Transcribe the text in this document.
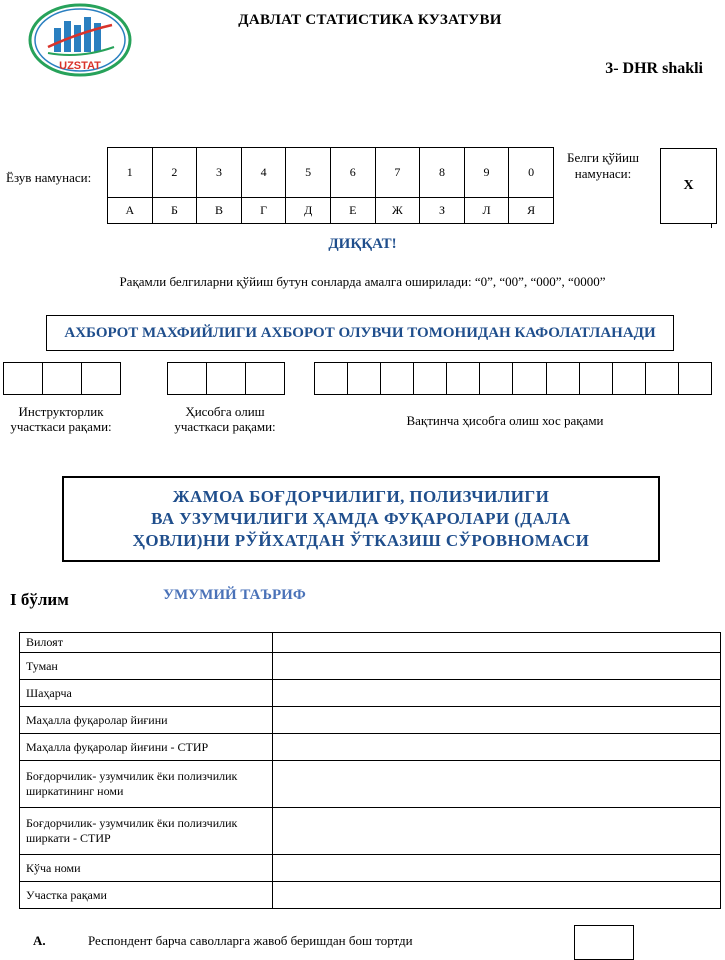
UZSTAT
ДАВЛАТ СТАТИСТИКА КУЗАТУВИ
3- DHR shakli
Ёзув намунаси:	1	2	3	4	5	6	7	8	9	0
А	Б	В	Г	Д	Е	Ж	З	Л	Я
Белги қўйиш намунаси:
X
ДИҚҚАТ!
Рақамли белгиларни қўйиш бутун сонларда амалга оширилади: “0”, “00”, “000”, “0000”
АХБОРОТ МАХФИЙЛИГИ АХБОРОТ ОЛУВЧИ ТОМОНИДАН КАФОЛАТЛАНАДИ
Инструкторлик участкаси рақами:
Ҳисобга олиш участкаси рақами:	Вақтинча ҳисобга олиш хос рақами
ЖАМОА БОҒДОРЧИЛИГИ, ПОЛИЗЧИЛИГИ
ВА УЗУМЧИЛИГИ ҲАМДА ФУҚАРОЛАРИ (ДАЛА
ҲОВЛИ)НИ РЎЙХАТДАН ЎТКАЗИШ СЎРОВНОМАСИ
I бўлим	УМУМИЙ ТАЪРИФ
Вилоят	
Туман	
Шаҳарча	
Маҳалла фуқаролар йиғини	
Маҳалла фуқаролар йиғини - СТИР	
Боғдорчилик- узумчилик ёки полизчилик ширкатининг номи	
Боғдорчилик- узумчилик ёки полизчилик ширкати - СТИР	
Кўча номи	
Участка рақами	
А.	Респондент барча саволларга жавоб беришдан бош тортди
